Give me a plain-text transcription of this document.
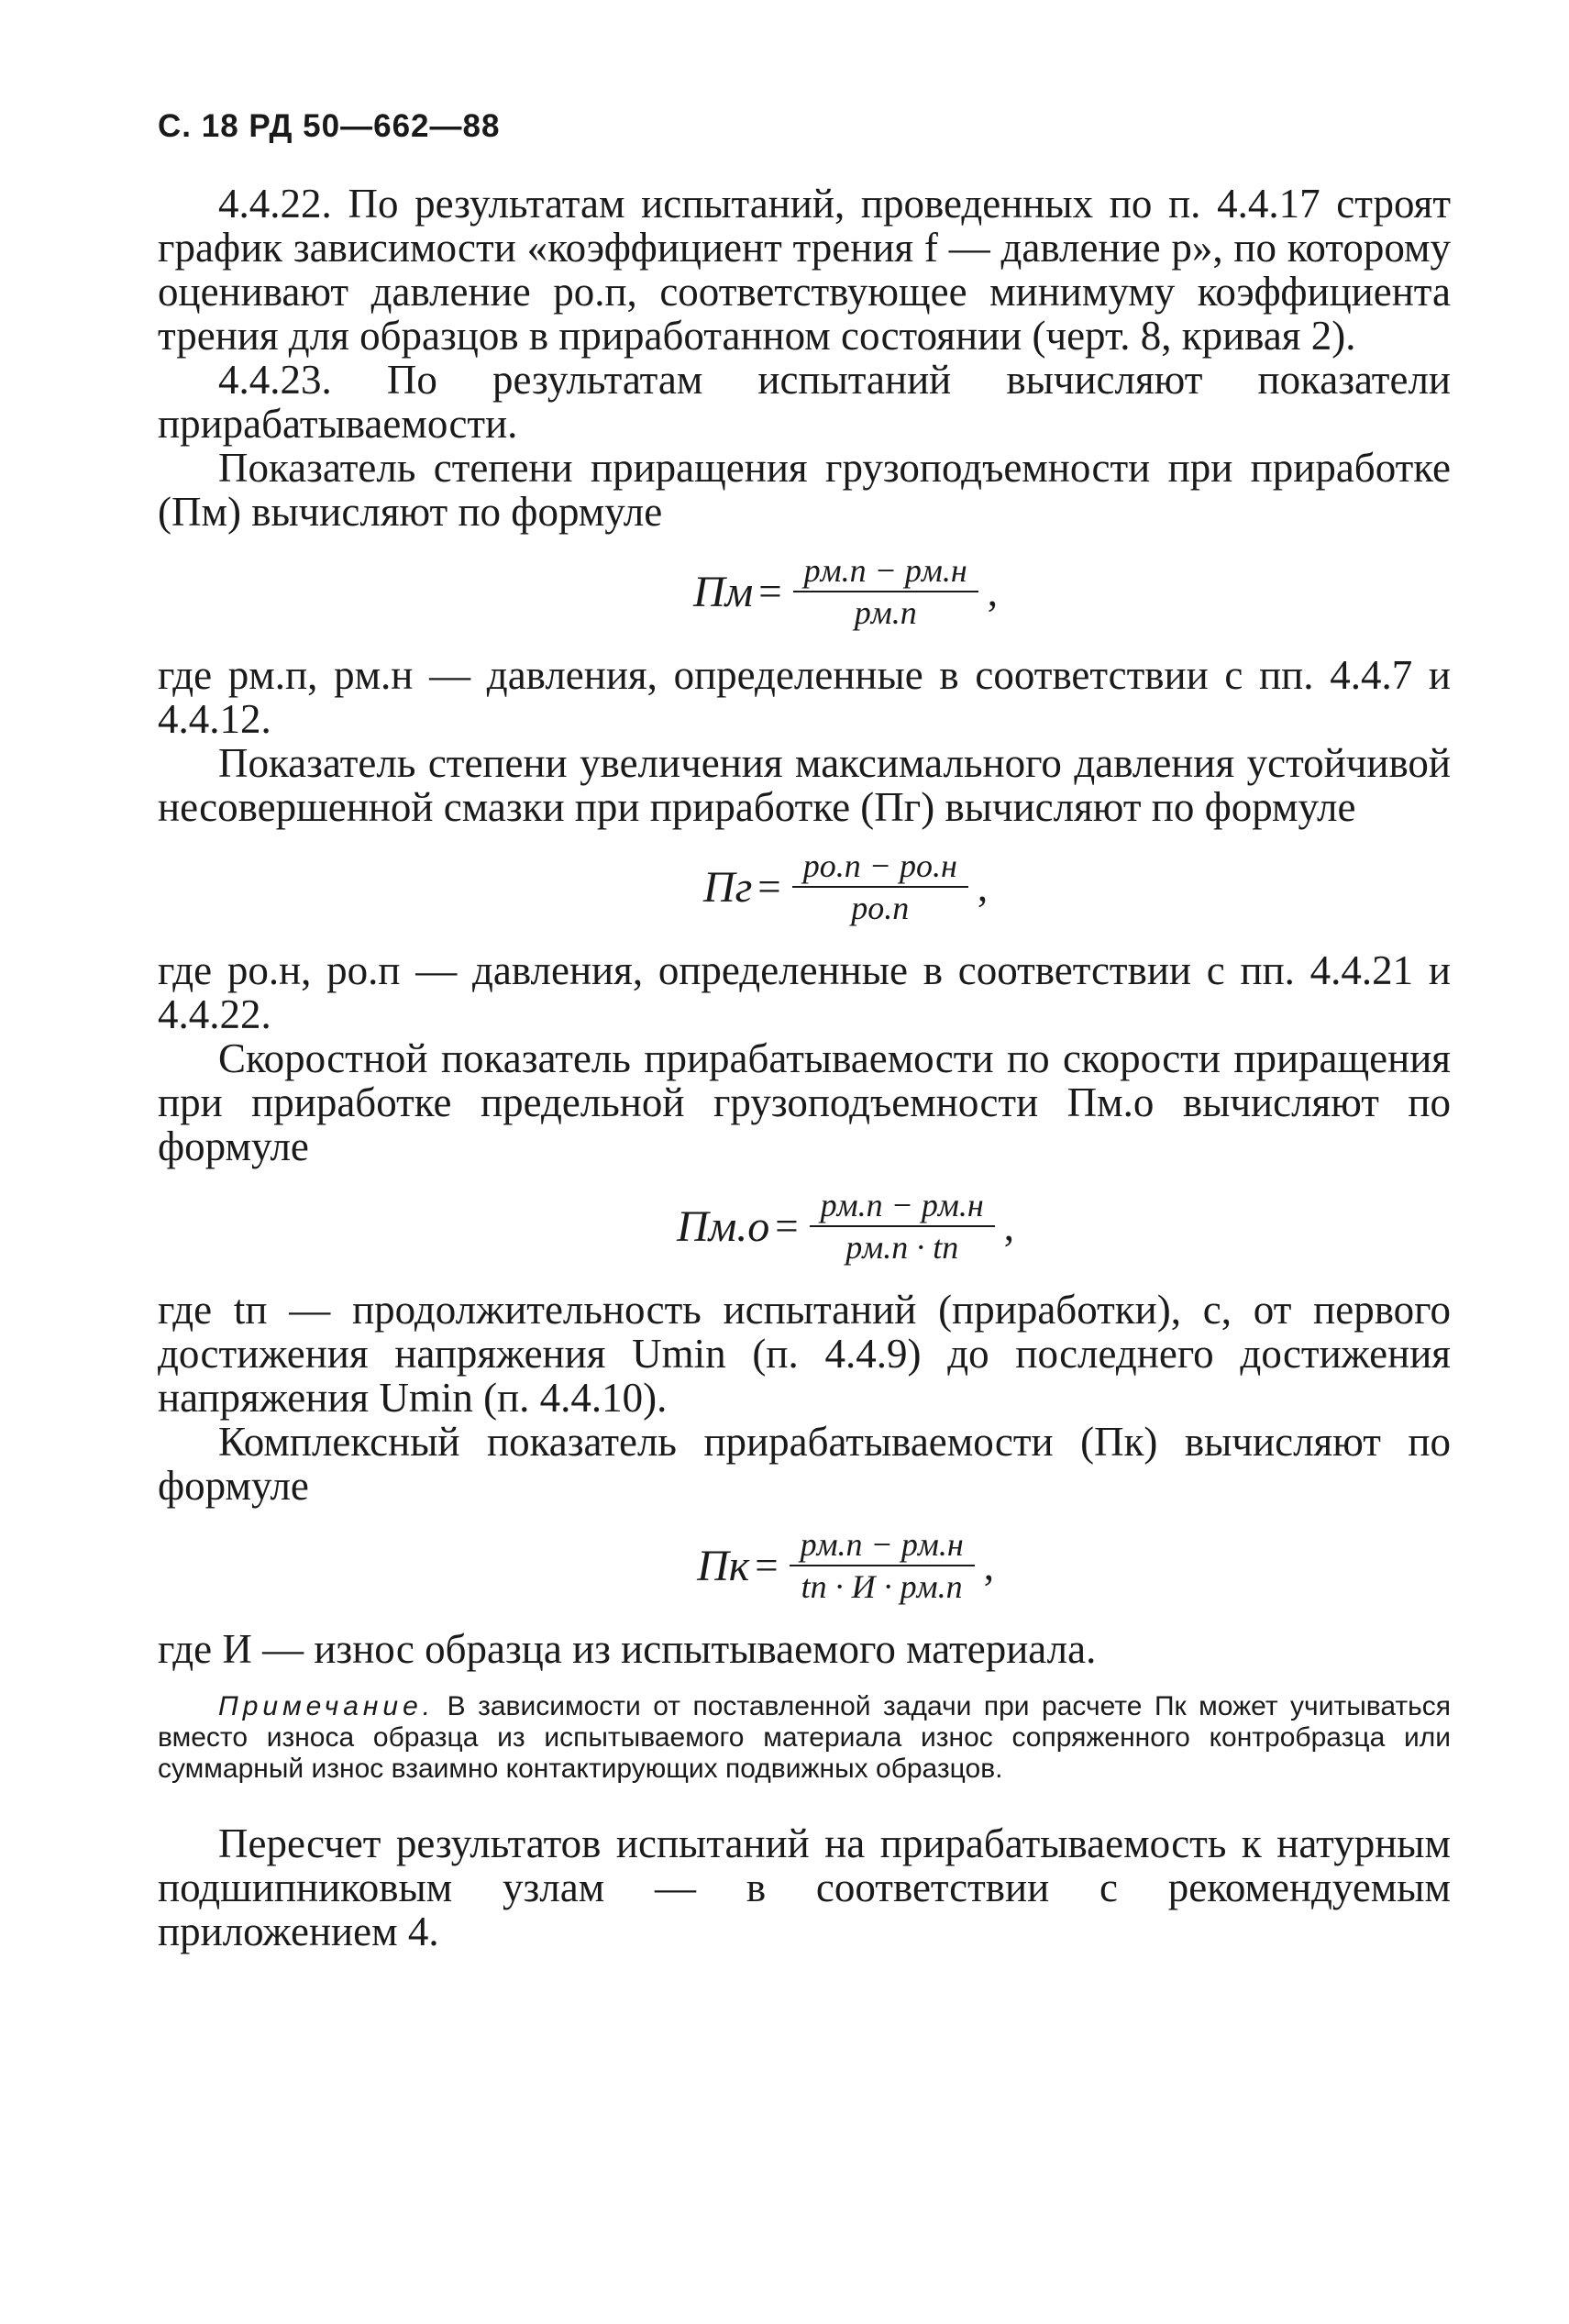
С. 18 РД 50—662—88

4.4.22. По результатам испытаний, проведенных по п. 4.4.17 строят график зависимости «коэффициент трения f — давление p», по которому оценивают давление pо.п, соответствующее минимуму коэффициента трения для образцов в приработанном состоянии (черт. 8, кривая 2).

4.4.23. По результатам испытаний вычисляют показатели прирабатываемости.

Показатель степени приращения грузоподъемности при приработке (Пм) вычисляют по формуле

Пм = $\frac{pм.п - pм.н}{pм.п}$ ,

где pм.п, pм.н — давления, определенные в соответствии с пп. 4.4.7 и 4.4.12.

Показатель степени увеличения максимального давления устойчивой несовершенной смазки при приработке (Пг) вычисляют по формуле

Пг = $\frac{pо.п - pо.н}{pо.п}$ ,

где pо.н, pо.п — давления, определенные в соответствии с пп. 4.4.21 и 4.4.22.

Скоростной показатель прирабатываемости по скорости приращения при приработке предельной грузоподъемности Пм.о вычисляют по формуле

$Пм.о = \frac{pм.п - pм.н}{pм.п \cdot tп}$ ,

где tп — продолжительность испытаний (приработки), с, от первого достижения напряжения Umin (п. 4.4.9) до последнего достижения напряжения Umin (п. 4.4.10).

Комплексный показатель прирабатываемости (Пк) вычисляют по формуле

Пк = $\frac{pм.п - pм.н}{tп \cdot И \cdot pм.п}$ ,

где И — износ образца из испытываемого материала.

Примечание. В зависимости от поставленной задачи при расчете Пк может учитываться вместо износа образца из испытываемого материала износ сопряженного контробразца или суммарный износ взаимно контактирующих подвижных образцов.

Пересчет результатов испытаний на прирабатываемость к натурным подшипниковым узлам — в соответствии с рекомендуемым приложением 4.
